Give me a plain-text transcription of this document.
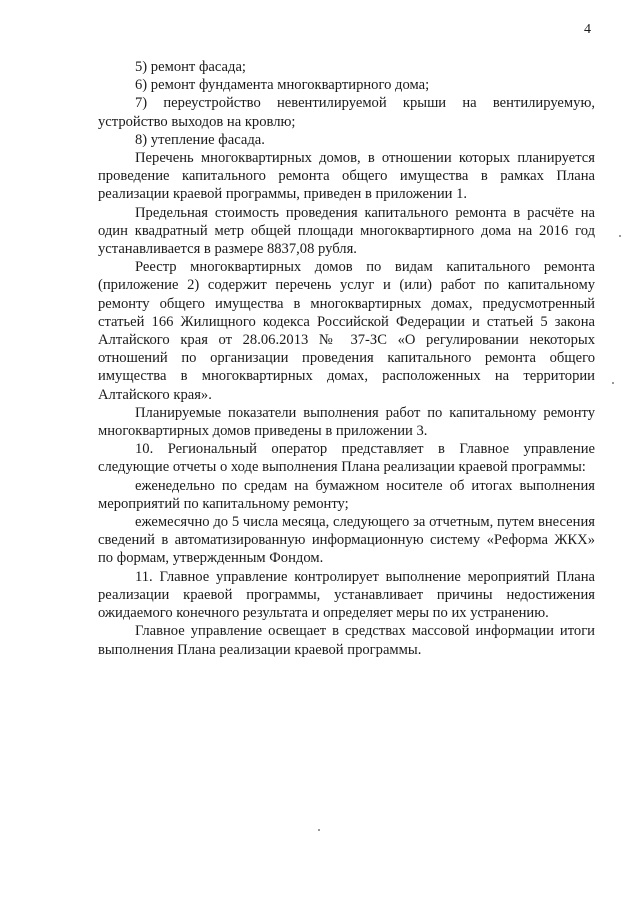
4

5) ремонт фасада;

6) ремонт фундамента многоквартирного дома;

7) переустройство невентилируемой крыши на вентилируемую, устройство выходов на кровлю;

8) утепление фасада.

Перечень многоквартирных домов, в отношении которых планируется проведение капитального ремонта общего имущества в рамках Плана реализации краевой программы, приведен в приложении 1.

Предельная стоимость проведения капитального ремонта в расчёте на один квадратный метр общей площади многоквартирного дома на 2016 год устанавливается в размере 8837,08 рубля.

Реестр многоквартирных домов по видам капитального ремонта (приложение 2) содержит перечень услуг и (или) работ по капитальному ремонту общего имущества в многоквартирных домах, предусмотренный статьей 166 Жилищного кодекса Российской Федерации и статьей 5 закона Алтайского края от 28.06.2013 № 37-ЗС «О регулировании некоторых отношений по организации проведения капитального ремонта общего имущества в многоквартирных домах, расположенных на территории Алтайского края».

Планируемые показатели выполнения работ по капитальному ремонту многоквартирных домов приведены в приложении 3.

10. Региональный оператор представляет в Главное управление следующие отчеты о ходе выполнения Плана реализации краевой программы:

еженедельно по средам на бумажном носителе об итогах выполнения мероприятий по капитальному ремонту;

ежемесячно до 5 числа месяца, следующего за отчетным, путем внесения сведений в автоматизированную информационную систему «Реформа ЖКХ» по формам, утвержденным Фондом.

11. Главное управление контролирует выполнение мероприятий Плана реализации краевой программы, устанавливает причины недостижения ожидаемого конечного результата и определяет меры по их устранению.

Главное управление освещает в средствах массовой информации итоги выполнения Плана реализации краевой программы.
